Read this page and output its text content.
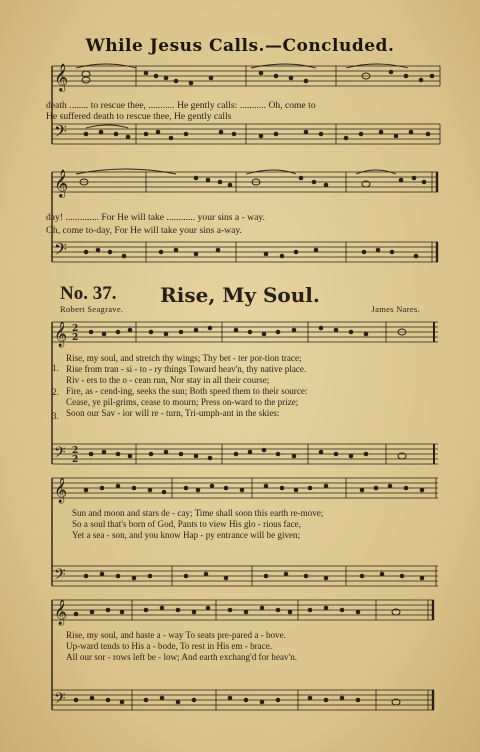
While Jesus Calls.—Concluded.
𝄞
𝄢
death ........ to rescue thee, ........... He gently calls: ........... Oh, come to
He suffered death to rescue thee, He gently calls
𝄞
𝄢
day! .............. For He will take ............ your sins a - way.
Oh, come to-day, For He will take your sins a-way.
No. 37.	Rise, My Soul.
Robert Seagrave.	James Nares.
𝄞
𝄢
2
2
2
2
1.
2.
3.
Rise, my soul, and stretch thy wings; Thy bet - ter por-tion trace;
Rise from tran - si - to - ry things Toward heav'n, thy native place.
Riv - ers to the o - cean run, Nor stay in all their course;
Fire, as - cend-ing, seeks the sun; Both speed them to their source:
Cease, ye pil-grims, cease to mourn; Press on-ward to the prize;
Soon our Sav - ior will re - turn, Tri-umph-ant in the skies:
𝄞
𝄢
Sun and moon and stars de - cay; Time shall soon this earth re-move;
So a soul that's born of God, Pants to view His glo - rious face,
Yet a sea - son, and you know Hap - py entrance will be given;
𝄞
𝄢
Rise, my soul, and haste a - way To seats pre-pared a - bove.
Up-ward tends to His a - bode, To rest in His em - brace.
All our sor - rows left be - low; And earth exchang'd for heav'n.
